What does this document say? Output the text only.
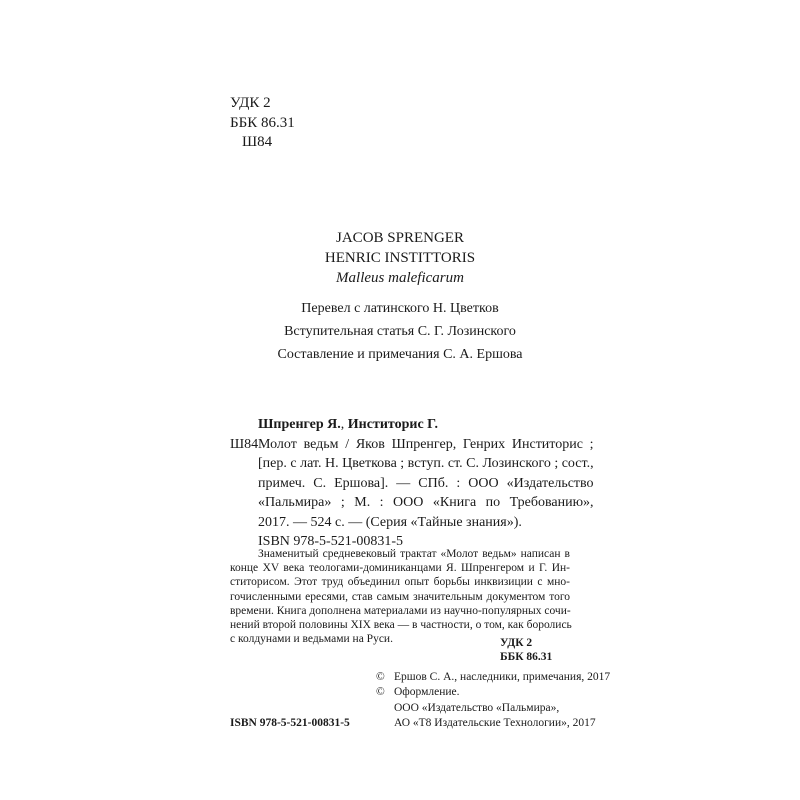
УДК 2
ББК 86.31
Ш84
JACOB SPRENGER
HENRIC INSTITTORIS
Malleus maleficarum
Перевел с латинского Н. Цветков
Вступительная статья С. Г. Лозинского
Составление и примечания С. А. Ершова
Шпренгер Я., Инститорис Г.
Ш84 Молот ведьм / Яков Шпренгер, Генрих Инститорис ;
[пер. с лат. Н. Цветкова ; вступ. ст. С. Лозинского ; сост.,
примеч. С. Ершова]. — СПб. : ООО «Издательство
«Пальмира» ; М. : ООО «Книга по Требованию»,
2017. — 524 с. — (Серия «Тайные знания»).
ISBN 978-5-521-00831-5
Знаменитый средневековый трактат «Молот ведьм» написан в
конце XV века теологами-доминиканцами Я. Шпренгером и Г. Ин-
ститорисом. Этот труд объединил опыт борьбы инквизиции с мно-
гочисленными ересями, став самым значительным документом того
времени. Книга дополнена материалами из научно-популярных сочи-
нений второй половины XIX века — в частности, о том, как боролись
с колдунами и ведьмами на Руси.	УДК 2
ББК 86.31
© Ершов С. А., наследники, примечания, 2017
© Оформление.
ООО «Издательство «Пальмира»,
АО «Т8 Издательские Технологии», 2017
ISBN 978-5-521-00831-5
